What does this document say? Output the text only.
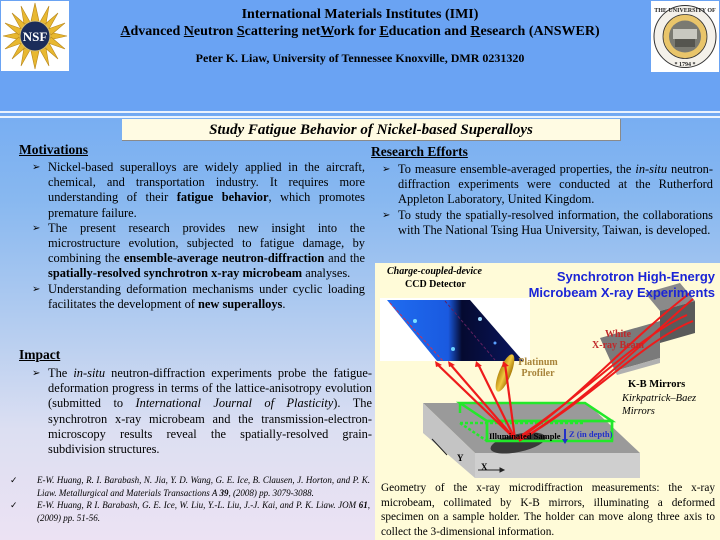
NSF
International Materials Institutes (IMI)
Advanced Neutron Scattering netWork for Education and Research (ANSWER)
Peter K. Liaw, University of Tennessee Knoxville, DMR 0231320
THE UNIVERSITY OF
* 1794 *
Study Fatigue Behavior of Nickel-based Superalloys
Motivations
➢ Nickel-based superalloys are widely applied in the aircraft, chemical, and transportation industry. It requires more understanding of their fatigue behavior, which promotes premature failure.
➢ The present research provides new insight into the microstructure evolution, subjected to fatigue damage, by combining the ensemble-average neutron-diffraction and the spatially-resolved synchrotron x-ray microbeam analyses.
➢ Understanding deformation mechanisms under cyclic loading facilitates the development of new superalloys.
Impact
➢ The in-situ neutron-diffraction experiments probe the fatigue-deformation progress in terms of the lattice-anisotropy evolution (submitted to International Journal of Plasticity). The synchrotron x-ray microbeam and the transmission-electron-microscopy results reveal the spatially-resolved grain-subdivision structures.
✓ E-W. Huang, R. I. Barabash, N. Jia, Y. D. Wang, G. E. Ice, B. Clausen, J. Horton, and P. K. Liaw. Metallurgical and Materials Transactions A 39, (2008) pp. 3079-3088.
✓ E-W. Huang, R I. Barabash, G. E. Ice, W. Liu, Y.-L. Liu, J.-J. Kai, and P. K. Liaw. JOM 61, (2009) pp. 51-56.
Research Efforts
➢ To measure ensemble-averaged properties, the in-situ neutron-diffraction experiments were conducted at the Rutherford Appleton Laboratory, United Kingdom.
➢ To study the spatially-resolved information, the collaborations with The National Tsing Hua University, Taiwan, is developed.
Synchrotron High-Energy
Microbeam X-ray Experiments
Charge-coupled-device
CCD Detector
White
X-ray Beam
Platinum
Profiler
K-B Mirrors
Kirkpatrick–Baez
Mirrors
Illuminated Sample Z (in depth)
Y
X
Geometry of the x-ray microdiffraction measurements: the x-ray microbeam, collimated by K-B mirrors, illuminating a deformed specimen on a sample holder. The holder can move along three axis to collect the 3-dimensional information.
